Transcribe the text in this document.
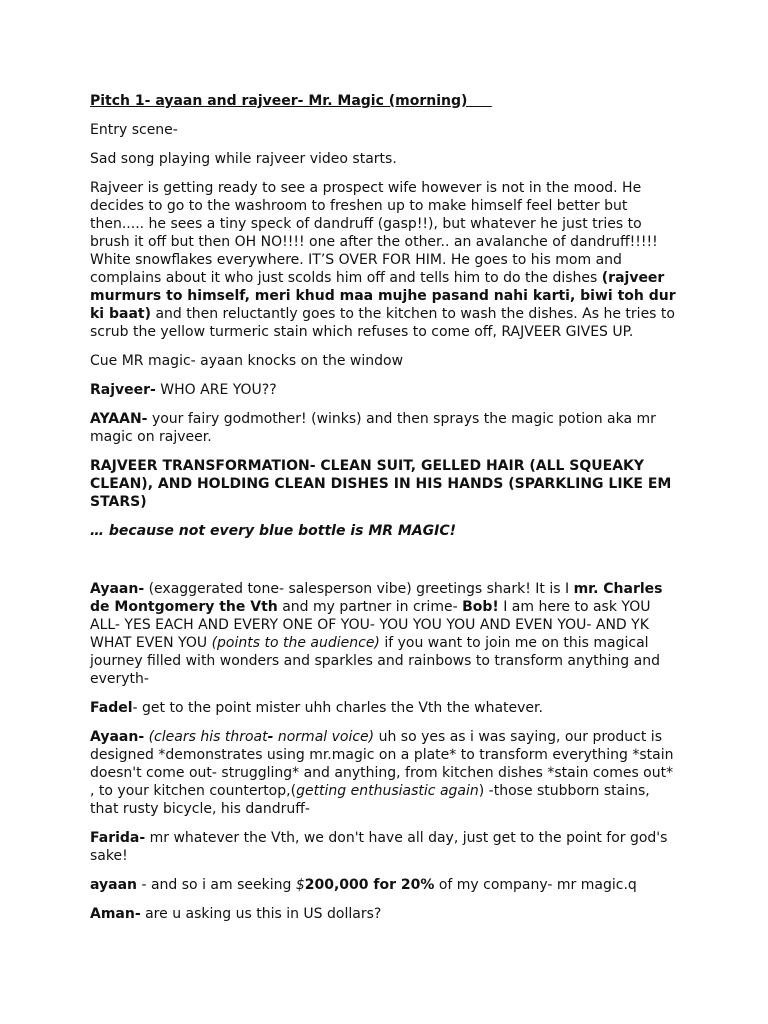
Pitch 1- ayaan and rajveer- Mr. Magic (morning)

Entry scene-

Sad song playing while rajveer video starts.

Rajveer is getting ready to see a prospect wife however is not in the mood. He decides to go to the washroom to freshen up to make himself feel better but then..... he sees a tiny speck of dandruff (gasp!!), but whatever he just tries to brush it off but then OH NO!!!! one after the other.. an avalanche of dandruff!!!!! White snowflakes everywhere. IT’S OVER FOR HIM. He goes to his mom and complains about it who just scolds him off and tells him to do the dishes (rajveer murmurs to himself, meri khud maa mujhe pasand nahi karti, biwi toh dur ki baat) and then reluctantly goes to the kitchen to wash the dishes. As he tries to scrub the yellow turmeric stain which refuses to come off, RAJVEER GIVES UP.

Cue MR magic- ayaan knocks on the window

Rajveer- WHO ARE YOU??

AYAAN- your fairy godmother! (winks) and then sprays the magic potion aka mr magic on rajveer.

RAJVEER TRANSFORMATION- CLEAN SUIT, GELLED HAIR (ALL SQUEAKY CLEAN), AND HOLDING CLEAN DISHES IN HIS HANDS (SPARKLING LIKE EM STARS)

… because not every blue bottle is MR MAGIC!

Ayaan- (exaggerated tone- salesperson vibe) greetings shark! It is I mr. Charles de Montgomery the Vth and my partner in crime- Bob! I am here to ask YOU ALL- YES EACH AND EVERY ONE OF YOU- YOU YOU YOU AND EVEN YOU- AND YK WHAT EVEN YOU (points to the audience) if you want to join me on this magical journey filled with wonders and sparkles and rainbows to transform anything and everyth-

Fadel- get to the point mister uhh charles the Vth the whatever.

Ayaan- (clears his throat- normal voice) uh so yes as i was saying, our product is designed *demonstrates using mr.magic on a plate* to transform everything *stain doesn't come out- struggling* and anything, from kitchen dishes *stain comes out* , to your kitchen countertop,(getting enthusiastic again) -those stubborn stains, that rusty bicycle, his dandruff-

Farida- mr whatever the Vth, we don't have all day, just get to the point for god's sake!

ayaan - and so i am seeking $200,000 for 20% of my company- mr magic.q

Aman- are u asking us this in US dollars?
